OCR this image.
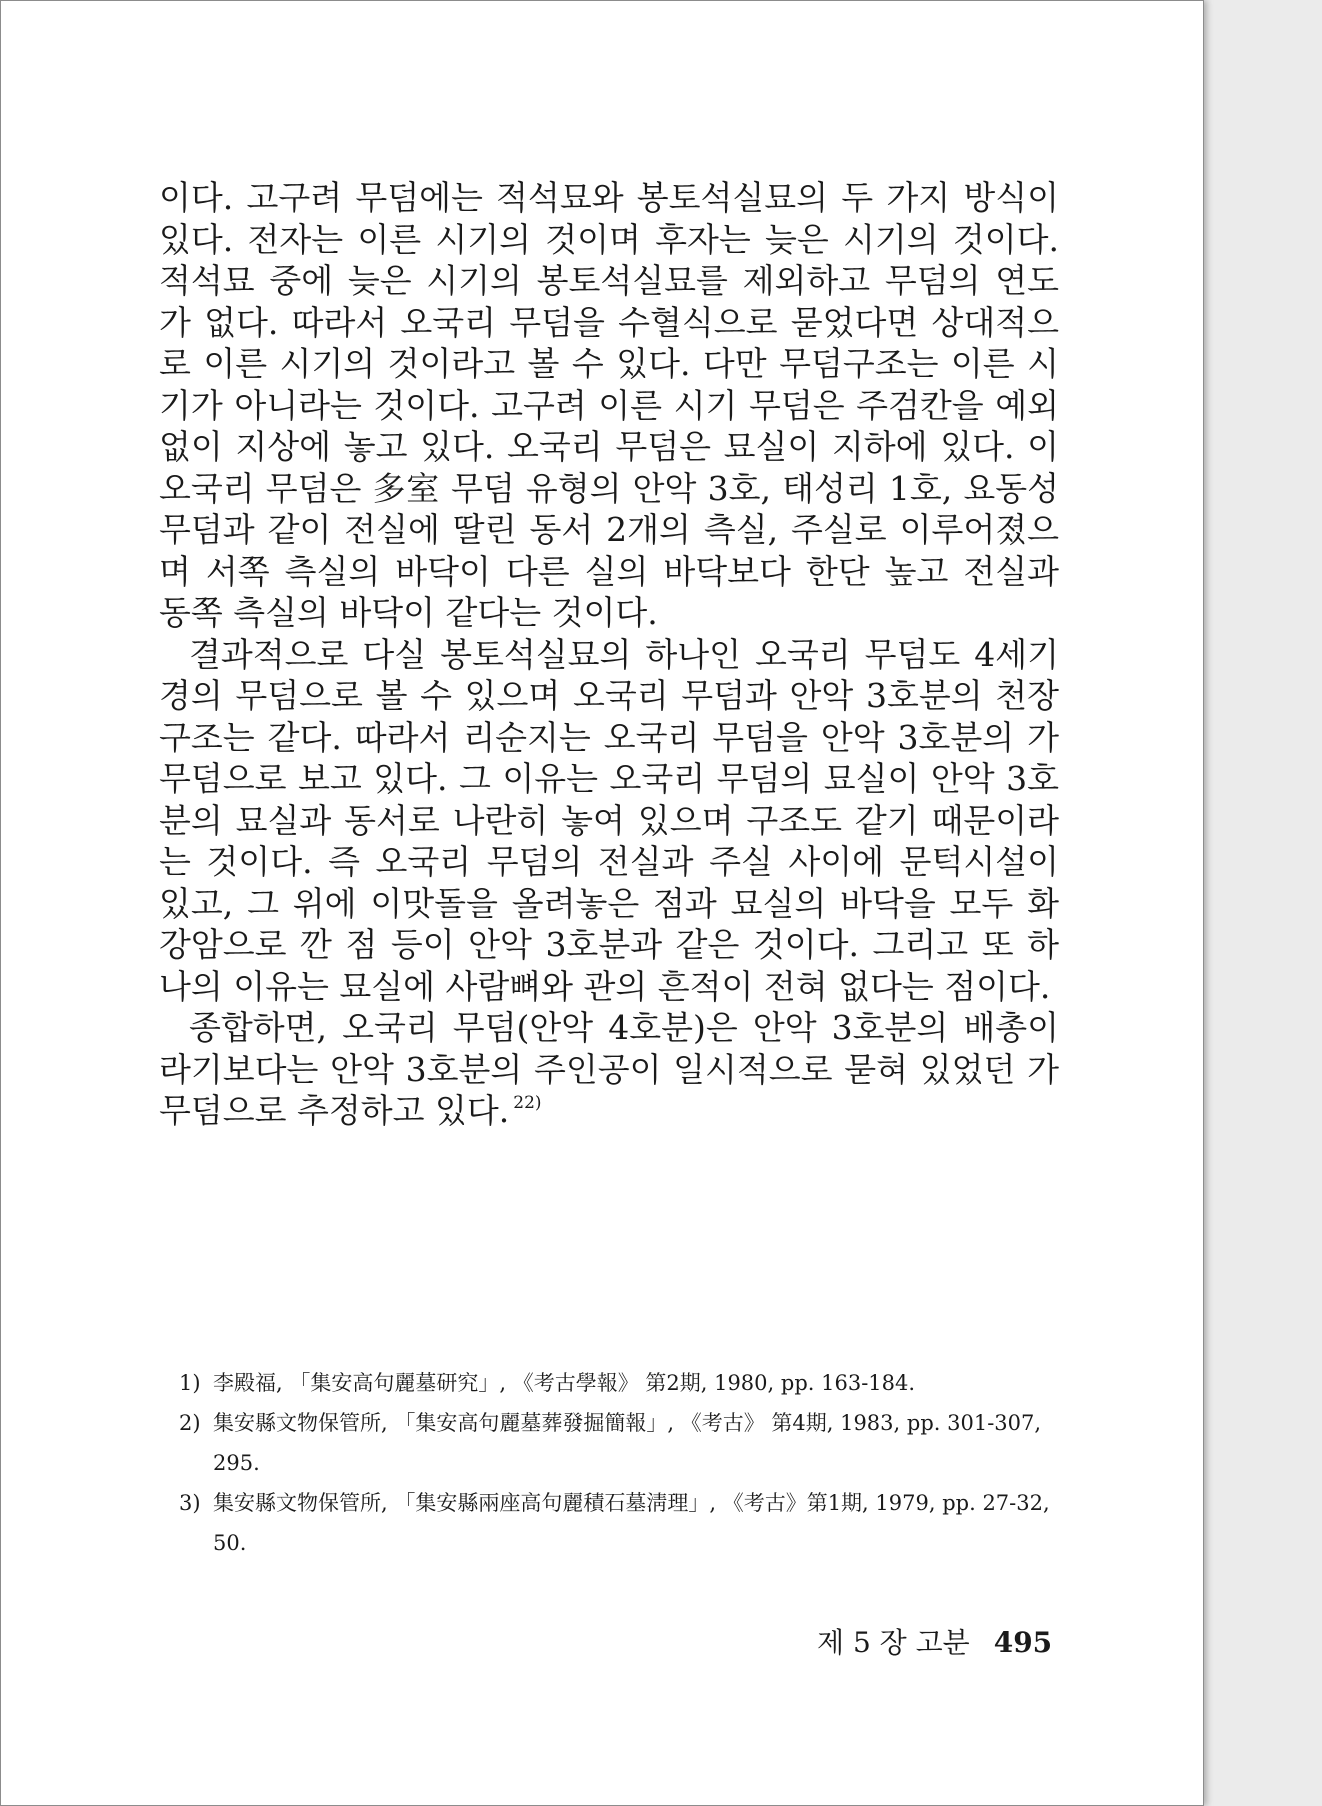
이다. 고구려 무덤에는 적석묘와 봉토석실묘의 두 가지 방식이 있다. 전자는 이른 시기의 것이며 후자는 늦은 시기의 것이다. 적석묘 중에 늦은 시기의 봉토석실묘를 제외하고 무덤의 연도가 없다. 따라서 오국리 무덤을 수혈식으로 묻었다면 상대적으로 이른 시기의 것이라고 볼 수 있다. 다만 무덤구조는 이른 시기가 아니라는 것이다. 고구려 이른 시기 무덤은 주검칸을 예외 없이 지상에 놓고 있다. 오국리 무덤은 묘실이 지하에 있다. 이 오국리 무덤은 多室 무덤 유형의 안악 3호, 태성리 1호, 요동성 무덤과 같이 전실에 딸린 동서 2개의 측실, 주실로 이루어졌으며 서쪽 측실의 바닥이 다른 실의 바닥보다 한단 높고 전실과 동쪽 측실의 바닥이 같다는 것이다.

결과적으로 다실 봉토석실묘의 하나인 오국리 무덤도 4세기경의 무덤으로 볼 수 있으며 오국리 무덤과 안악 3호분의 천장구조는 같다. 따라서 리순지는 오국리 무덤을 안악 3호분의 가무덤으로 보고 있다. 그 이유는 오국리 무덤의 묘실이 안악 3호분의 묘실과 동서로 나란히 놓여 있으며 구조도 같기 때문이라는 것이다. 즉 오국리 무덤의 전실과 주실 사이에 문턱시설이 있고, 그 위에 이맛돌을 올려놓은 점과 묘실의 바닥을 모두 화강암으로 깐 점 등이 안악 3호분과 같은 것이다. 그리고 또 하나의 이유는 묘실에 사람뼈와 관의 흔적이 전혀 없다는 점이다.

종합하면, 오국리 무덤(안악 4호분)은 안악 3호분의 배총이라기보다는 안악 3호분의 주인공이 일시적으로 묻혀 있었던 가무덤으로 추정하고 있다. $^{22)}$

1) 李殿福, 「集安高句麗墓研究」, 《考古學報》 第2期, 1980, pp. 163-184.
2) 集安縣文物保管所, 「集安高句麗墓葬發掘簡報」, 《考古》 第4期, 1983, pp. 301-307, 295.
3) 集安縣文物保管所, 「集安縣兩座高句麗積石墓淸理」, 《考古》第1期, 1979, pp. 27-32, 50.
제 5 장 고분 495
